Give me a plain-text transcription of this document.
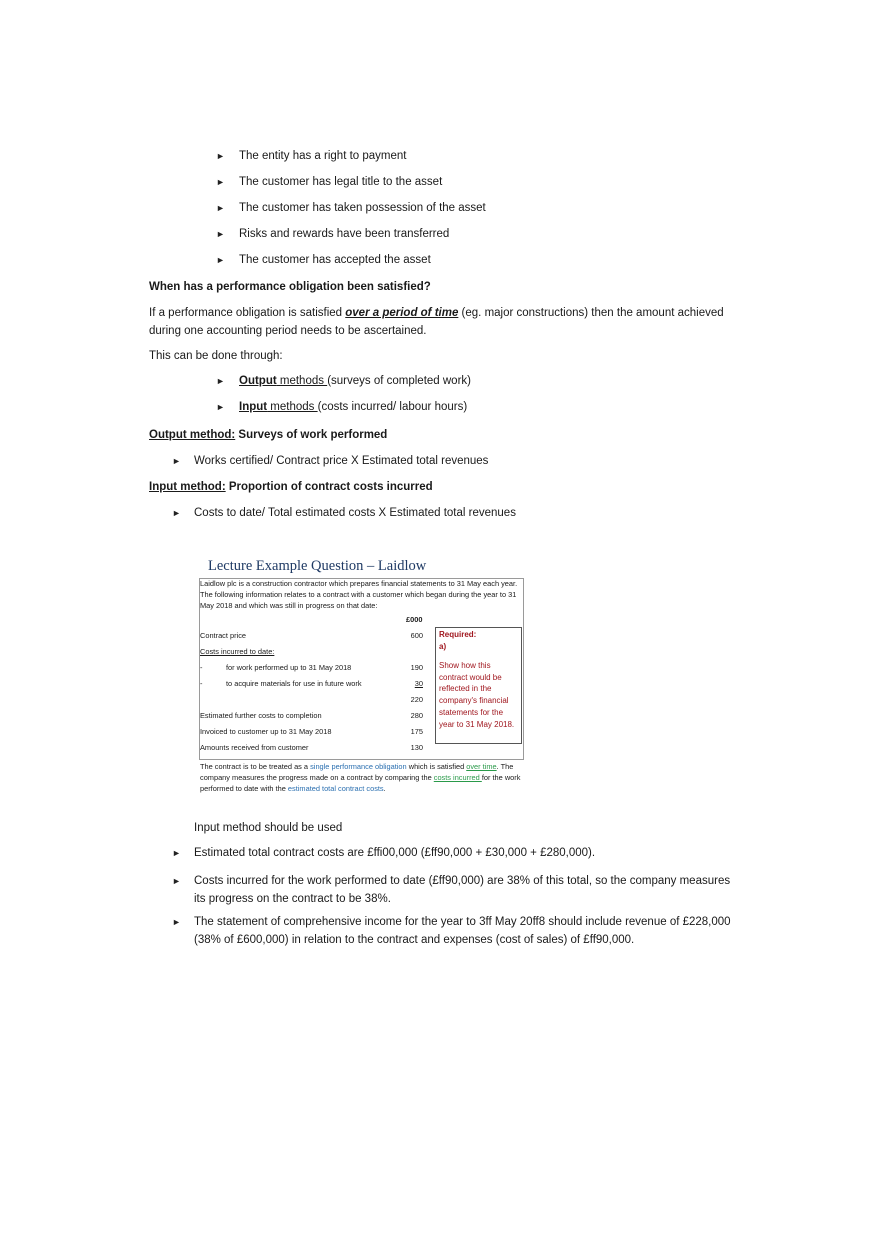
► The entity has a right to payment
► The customer has legal title to the asset
► The customer has taken possession of the asset
► Risks and rewards have been transferred
► The customer has accepted the asset
When has a performance obligation been satisfied?
If a performance obligation is satisfied over a period of time (eg. major constructions) then the amount achieved during one accounting period needs to be ascertained.
This can be done through:
► Output methods (surveys of completed work)
► Input methods (costs incurred/ labour hours)
Output method: Surveys of work performed
► Works certified/ Contract price X Estimated total revenues
Input method: Proportion of contract costs incurred
► Costs to date/ Total estimated costs X Estimated total revenues
Lecture Example Question – Laidlow
Laidlow plc is a construction contractor which prepares financial statements to 31 May each year. The following information relates to a contract with a customer which began during the year to 31 May 2018 and which was still in progress on that date:
£000
Contract price	600
Costs incurred to date:
-	for work performed up to 31 May 2018	190
-	to acquire materials for use in future work	30
220
Estimated further costs to completion	280
Invoiced to customer up to 31 May 2018	175
Amounts received from customer	130
Required:
a)
Show how this contract would be reflected in the company's financial statements for the year to 31 May 2018.
The contract is to be treated as a single performance obligation which is satisfied over time. The company measures the progress made on a contract by comparing the costs incurred for the work performed to date with the estimated total contract costs.
Input method should be used
► Estimated total contract costs are £ffi00,000 (£ff90,000 + £30,000 + £280,000).
► Costs incurred for the work performed to date (£ff90,000) are 38% of this total, so the company measures its progress on the contract to be 38%.
► The statement of comprehensive income for the year to 3ff May 20ff8 should include revenue of £228,000 (38% of £600,000) in relation to the contract and expenses (cost of sales) of £ff90,000.
